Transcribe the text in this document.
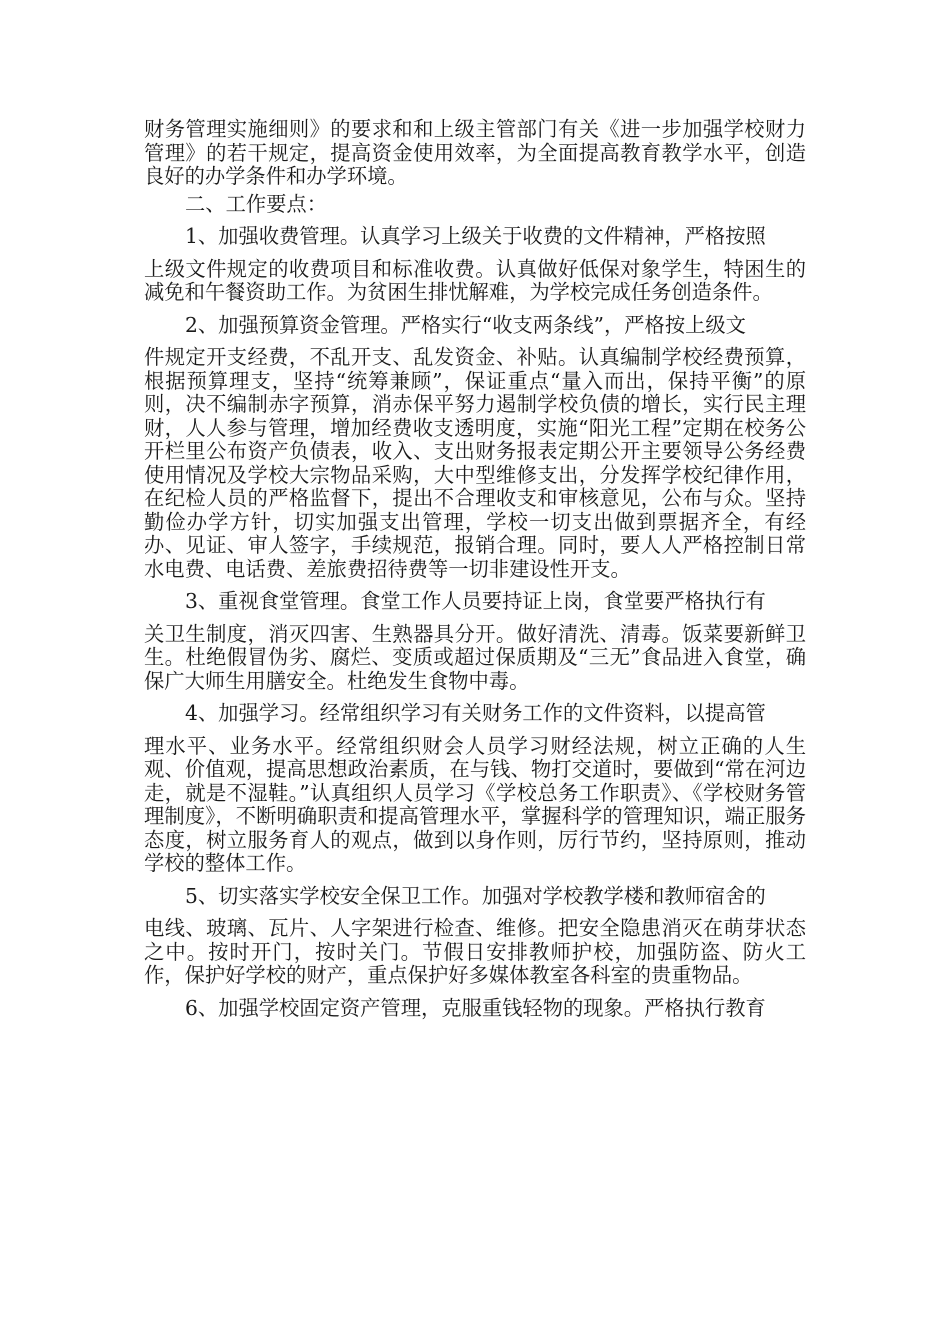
财务管理实施细则》的要求和和上级主管部门有关《进一步加强学校财力管理》的若干规定，提高资金使用效率，为全面提高教育教学水平，创造良好的办学条件和办学环境。

二、工作要点：

1、加强收费管理。认真学习上级关于收费的文件精神，严格按照

上级文件规定的收费项目和标准收费。认真做好低保对象学生，特困生的减免和午餐资助工作。为贫困生排忧解难，为学校完成任务创造条件。

2、加强预算资金管理。严格实行“收支两条线”，严格按上级文

件规定开支经费，不乱开支、乱发资金、补贴。认真编制学校经费预算，根据预算理支，坚持“统筹兼顾”，保证重点“量入而出，保持平衡”的原则，决不编制赤字预算，消赤保平努力遏制学校负债的增长，实行民主理财，人人参与管理，增加经费收支透明度，实施“阳光工程”定期在校务公开栏里公布资产负债表，收入、支出财务报表定期公开主要领导公务经费使用情况及学校大宗物品采购，大中型维修支出，分发挥学校纪律作用，在纪检人员的严格监督下，提出不合理收支和审核意见，公布与众。坚持勤俭办学方针，切实加强支出管理，学校一切支出做到票据齐全，有经办、见证、审人签字，手续规范，报销合理。同时，要人人严格控制日常水电费、电话费、差旅费招待费等一切非建设性开支。

3、重视食堂管理。食堂工作人员要持证上岗，食堂要严格执行有

关卫生制度，消灭四害、生熟器具分开。做好清洗、清毒。饭菜要新鲜卫生。杜绝假冒伪劣、腐烂、变质或超过保质期及“三无”食品进入食堂，确保广大师生用膳安全。杜绝发生食物中毒。

4、加强学习。经常组织学习有关财务工作的文件资料，以提高管

理水平、业务水平。经常组织财会人员学习财经法规，树立正确的人生观、价值观，提高思想政治素质，在与钱、物打交道时，要做到“常在河边走，就是不湿鞋。”认真组织人员学习《学校总务工作职责》、《学校财务管理制度》，不断明确职责和提高管理水平，掌握科学的管理知识，端正服务态度，树立服务育人的观点，做到以身作则，厉行节约，坚持原则，推动学校的整体工作。

5、切实落实学校安全保卫工作。加强对学校教学楼和教师宿舍的

电线、玻璃、瓦片、人字架进行检查、维修。把安全隐患消灭在萌芽状态之中。按时开门，按时关门。节假日安排教师护校，加强防盗、防火工作，保护好学校的财产，重点保护好多媒体教室各科室的贵重物品。

6、加强学校固定资产管理，克服重钱轻物的现象。严格执行教育
